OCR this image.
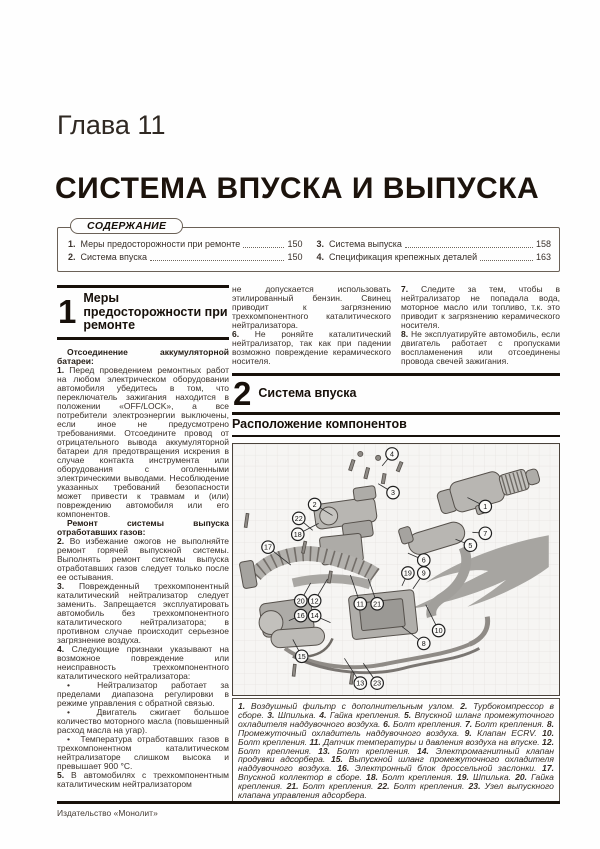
Глава 11
СИСТЕМА ВПУСКА И ВЫПУСКА
СОДЕРЖАНИЕ
1. Меры предосторожности при ремонте	150
2. Система впуска	150
3. Система выпуска	158
4. Спецификация крепежных деталей	163
1 Меры предосторожности при ремонте

Отсоединение аккумуляторной батареи:

1. Перед проведением ремонтных работ на любом электрическом оборудовании автомобиля убедитесь в том, что переключатель зажигания находится в положении «OFF/LOCK», а все потребители электроэнергии выключены, если иное не предусмотрено требованиями. Отсоедините провод от отрицательного вывода аккумуляторной батареи для предотвращения искрения в случае контакта инструмента или оборудования с оголенными электрическими выводами. Несоблюдение указанных требований безопасности может привести к травмам и (или) повреждению автомобиля или его компонентов.

Ремонт системы выпуска отработавших газов:

2. Во избежание ожогов не выполняйте ремонт горячей выпускной системы. Выполнять ремонт системы выпуска отработавших газов следует только после ее остывания.

3. Поврежденный трехкомпонентный каталитический нейтрализатор следует заменить. Запрещается эксплуатировать автомобиль без трехкомпонентного каталитического нейтрализатора; в противном случае происходит серьезное загрязнение воздуха.

4. Следующие признаки указывают на возможное повреждение или неисправность трехкомпонентного каталитического нейтрализатора:

•  Нейтрализатор работает за пределами диапазона регулировки в режиме управления с обратной связью.

•  Двигатель сжигает большое количество моторного масла (повышенный расход масла на угар).

•  Температура отработавших газов в трехкомпонентном каталитическом нейтрализаторе слишком высока и превышает 900 °C.

5. В автомобилях с трехкомпонентным каталитическим нейтрализатором

не допускается использовать этилированный бензин. Свинец приводит к загрязнению трехкомпонентного каталитического нейтрализатора.

6. Не роняйте каталитический нейтрализатор, так как при падении возможно повреждение керамического носителя.

7. Следите за тем, чтобы в нейтрализатор не попадала вода, моторное масло или топливо, т.к. это приводит к загрязнению керамического носителя.

8. Не эксплуатируйте автомобиль, если двигатель работает с пропусками воспламенения или отсоединены провода свечей зажигания.

2 Система впуска
Расположение компонентов
1
2
3
4
5
6
7
8
9
10
11
12
13
14
15
16
17
18
19
20	21
22
23
1. Воздушный фильтр с дополнительным узлом. 2. Турбокомпрессор в сборе. 3. Шпилька. 4. Гайка крепления. 5. Впускной шланг промежуточного охладителя наддувочного воздуха. 6. Болт крепления. 7. Болт крепления. 8. Промежуточный охладитель наддувочного воздуха. 9. Клапан ECRV. 10. Болт крепления. 11. Датчик температуры и давления воздуха на впуске. 12. Болт крепления. 13. Болт крепления. 14. Электромагнитный клапан продувки адсорбера. 15. Выпускной шланг промежуточного охладителя наддувочного воздуха. 16. Электронный блок дроссельной заслонки. 17. Впускной коллектор в сборе. 18. Болт крепления. 19. Шпилька. 20. Гайка крепления. 21. Болт крепления. 22. Болт крепления. 23. Узел выпускного клапана управления адсорбера.
Издательство «Монолит»
